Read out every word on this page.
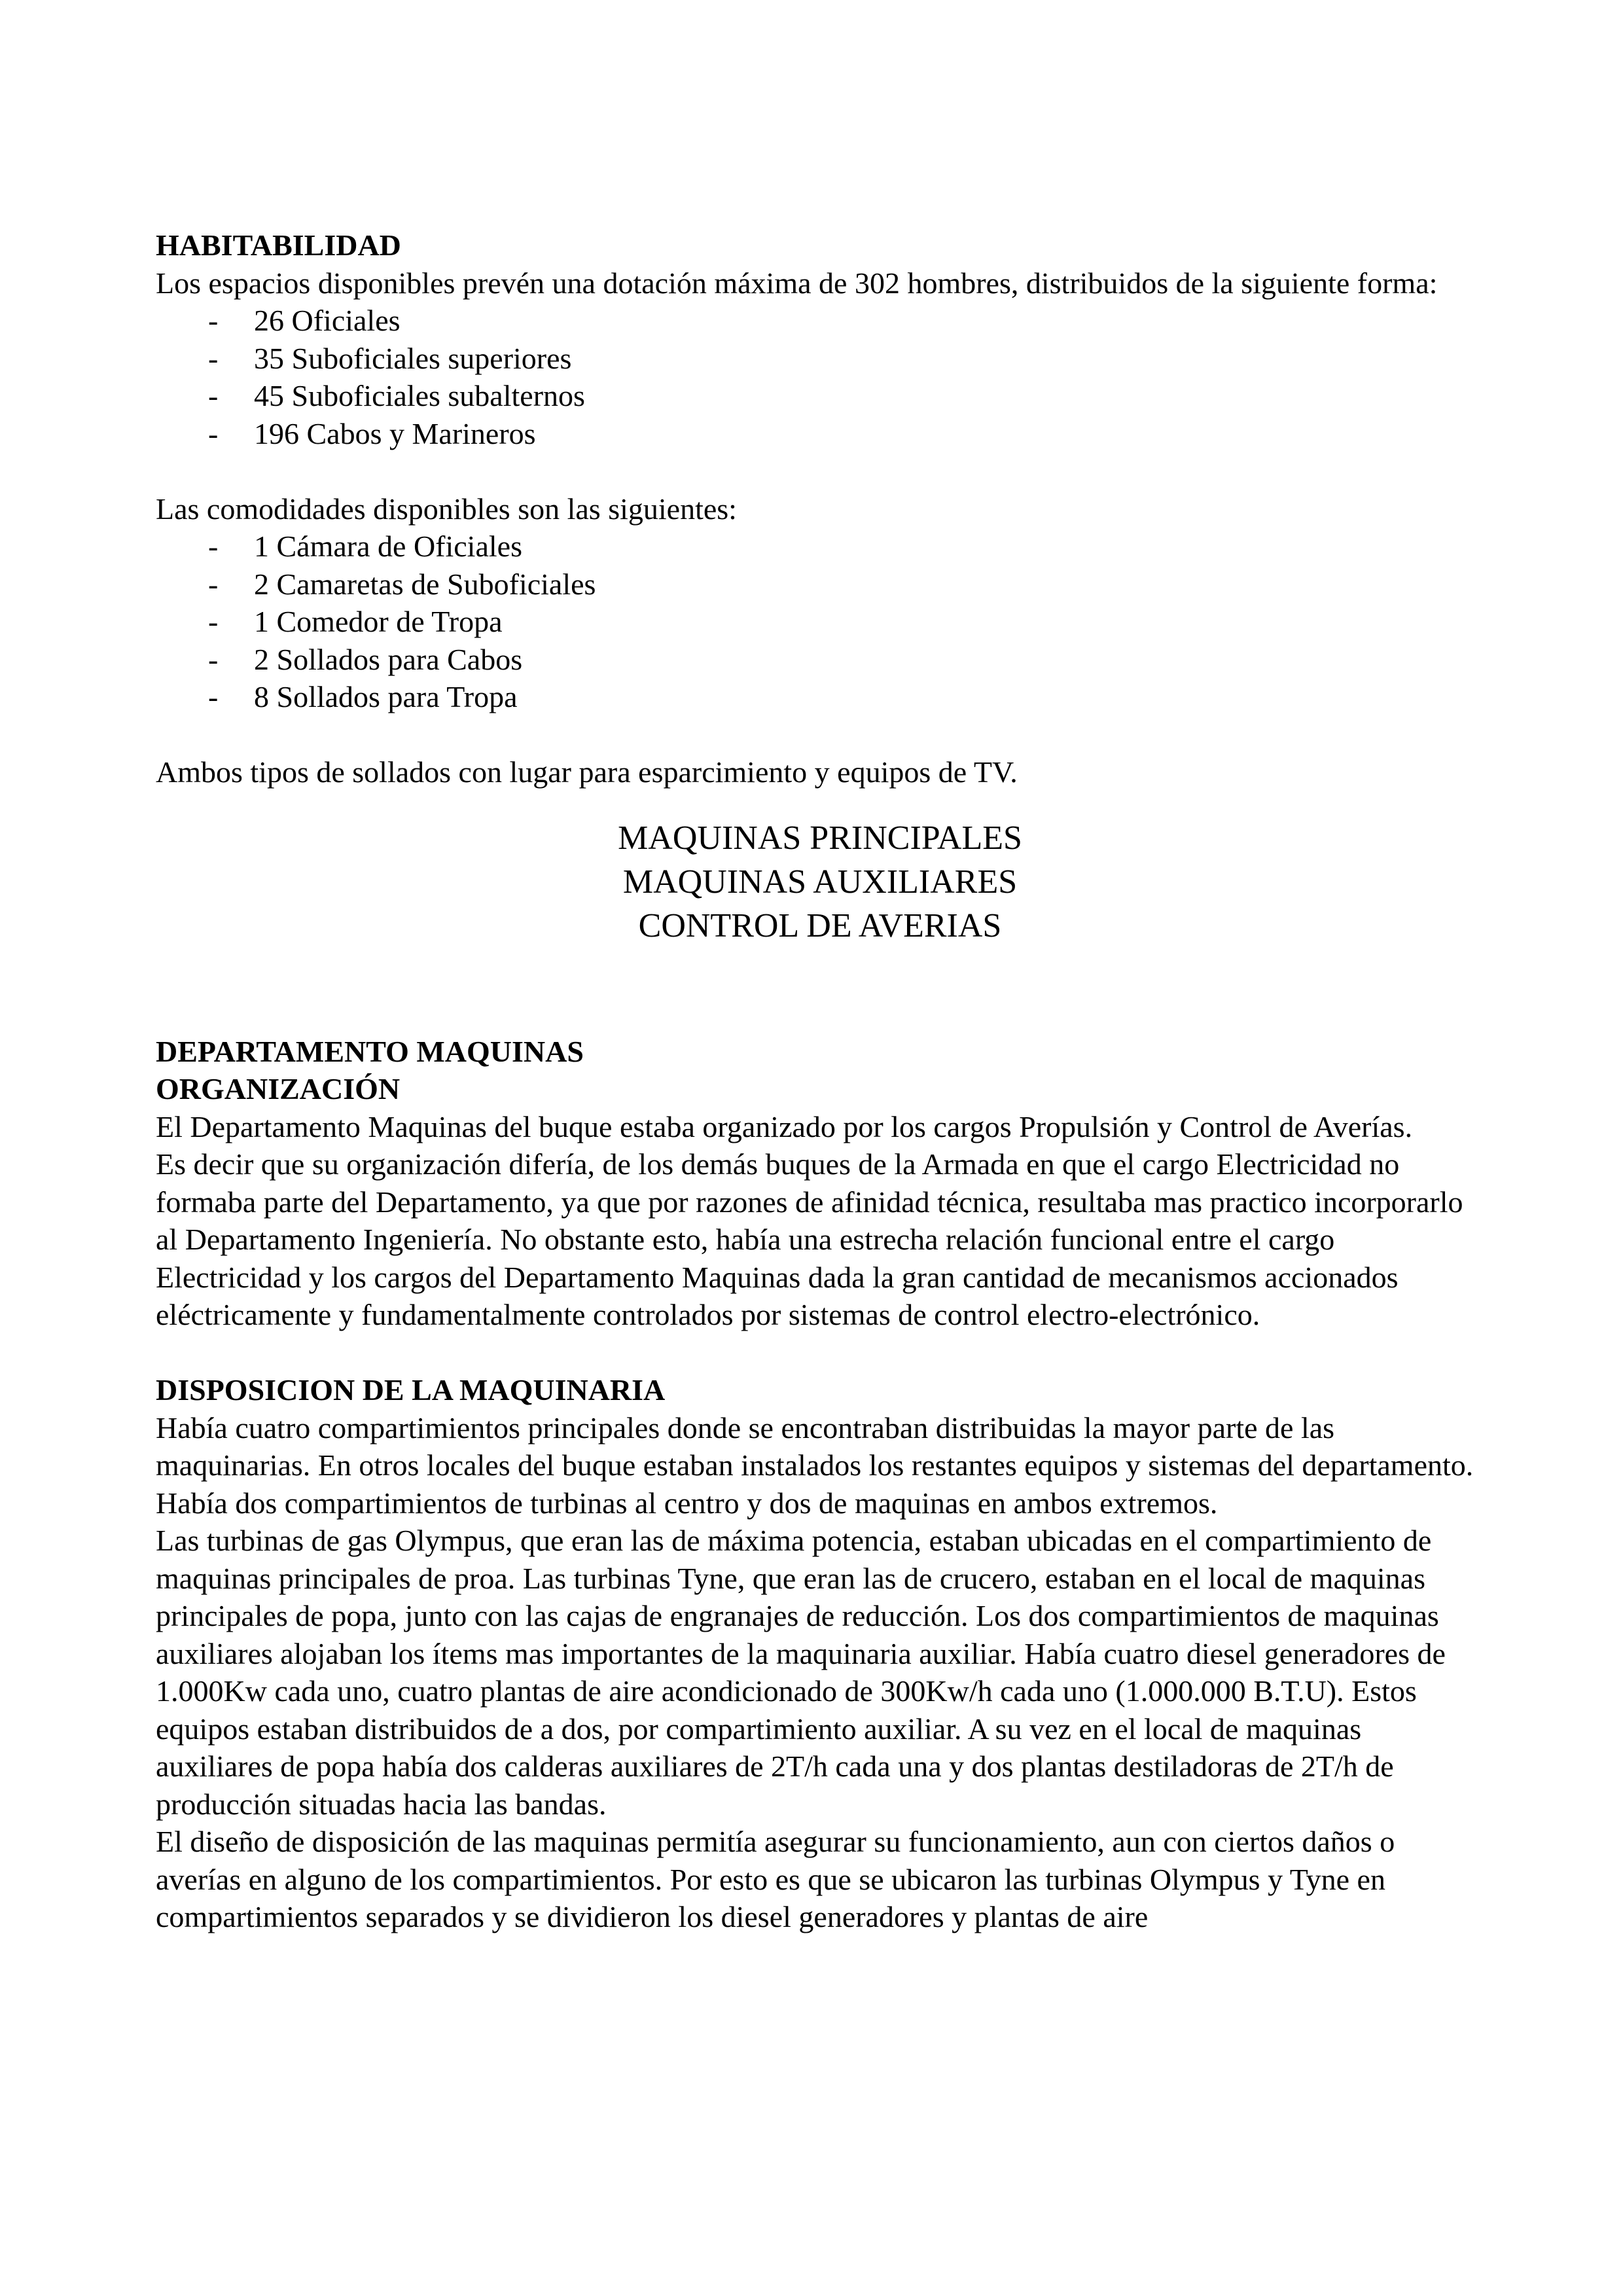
HABITABILIDAD

Los espacios disponibles prevén una dotación máxima de 302 hombres, distribuidos de la siguiente forma:

- 26 Oficiales
- 35 Suboficiales superiores
- 45 Suboficiales subalternos
- 196 Cabos y Marineros

Las comodidades disponibles son las siguientes:

- 1 Cámara de Oficiales
- 2 Camaretas de Suboficiales
- 1 Comedor de Tropa
- 2 Sollados para Cabos
- 8 Sollados para Tropa

Ambos tipos de sollados con lugar para esparcimiento y equipos de TV.

MAQUINAS PRINCIPALES

MAQUINAS AUXILIARES

CONTROL DE AVERIAS

DEPARTAMENTO MAQUINAS

ORGANIZACIÓN

El Departamento Maquinas del buque estaba organizado por los cargos Propulsión y Control de Averías.

Es decir que su organización difería, de los demás buques de la Armada en que el cargo Electricidad no formaba parte del Departamento, ya que por razones de afinidad técnica, resultaba mas practico incorporarlo al Departamento Ingeniería. No obstante esto, había una estrecha relación funcional entre el cargo Electricidad y los cargos del Departamento Maquinas dada la gran cantidad de mecanismos accionados eléctricamente y fundamentalmente controlados por sistemas de control electro-electrónico.

DISPOSICION DE LA MAQUINARIA

Había cuatro compartimientos principales donde se encontraban distribuidas la mayor parte de las maquinarias. En otros locales del buque estaban instalados los restantes equipos y sistemas del departamento. Había dos compartimientos de turbinas al centro y dos de maquinas en ambos extremos.

Las turbinas de gas Olympus, que eran las de máxima potencia, estaban ubicadas en el compartimiento de maquinas principales de proa. Las turbinas Tyne, que eran las de crucero, estaban en el local de maquinas principales de popa, junto con las cajas de engranajes de reducción. Los dos compartimientos de maquinas auxiliares alojaban los ítems mas importantes de la maquinaria auxiliar. Había cuatro diesel generadores de 1.000Kw cada uno, cuatro plantas de aire acondicionado de 300Kw/h cada uno (1.000.000 B.T.U). Estos equipos estaban distribuidos de a dos, por compartimiento auxiliar. A su vez en el local de maquinas auxiliares de popa había dos calderas auxiliares de 2T/h cada una y dos plantas destiladoras de 2T/h de producción situadas hacia las bandas.

El diseño de disposición de las maquinas permitía asegurar su funcionamiento, aun con ciertos daños o averías en alguno de los compartimientos. Por esto es que se ubicaron las turbinas Olympus y Tyne en compartimientos separados y se dividieron los diesel generadores y plantas de aire
